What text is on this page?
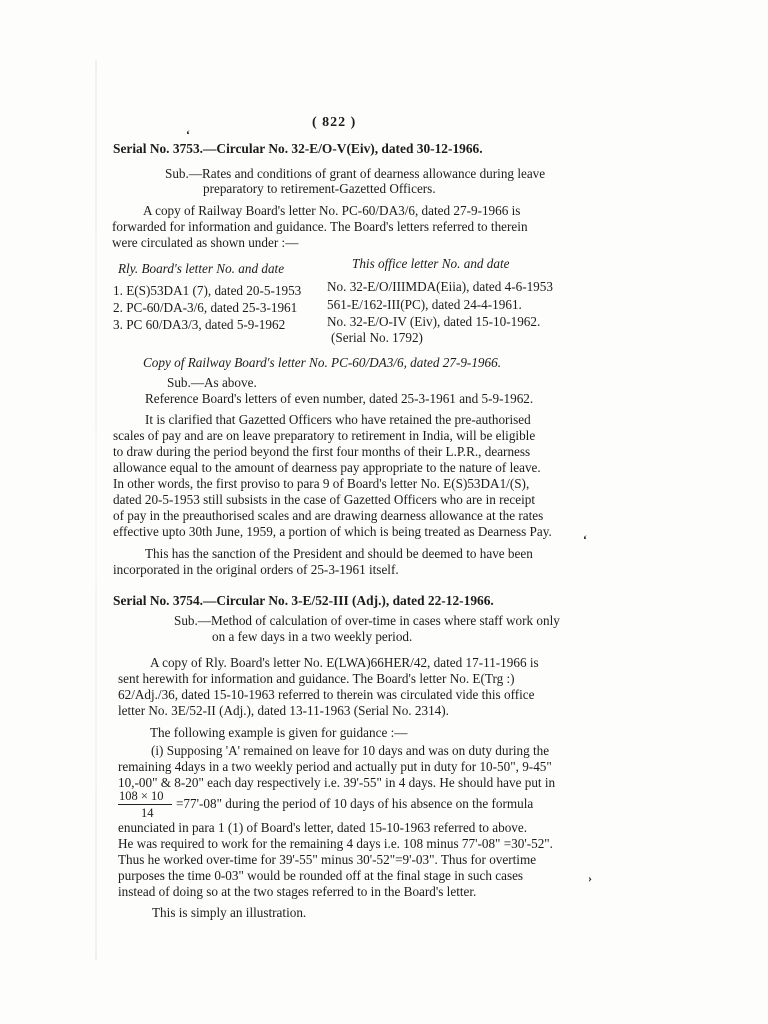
( 822 )
‘
Serial No. 3753.—Circular No. 32-E/O-V(Eiv), dated 30-12-1966.
Sub.—Rates and conditions of grant of dearness allowance during leave
preparatory to retirement-Gazetted Officers.
A copy of Railway Board's letter No. PC-60/DA3/6, dated 27-9-1966 is
forwarded for information and guidance. The Board's letters referred to therein
were circulated as shown under :—
Rly. Board's letter No. and date	This office letter No. and date
1. E(S)53DA1 (7), dated 20-5-1953 No. 32-E/O/IIIMDA(Eiia), dated 4-6-1953
2. PC-60/DA-3/6, dated 25-3-1961 561-E/162-III(PC), dated 24-4-1961.
3. PC 60/DA3/3, dated 5-9-1962	No. 32-E/O-IV (Eiv), dated 15-10-1962.
(Serial No. 1792)
Copy of Railway Board's letter No. PC-60/DA3/6, dated 27-9-1966.
Sub.—As above.
Reference Board's letters of even number, dated 25-3-1961 and 5-9-1962.
It is clarified that Gazetted Officers who have retained the pre-authorised
scales of pay and are on leave preparatory to retirement in India, will be eligible
to draw during the period beyond the first four months of their L.P.R., dearness
allowance equal to the amount of dearness pay appropriate to the nature of leave.
In other words, the first proviso to para 9 of Board's letter No. E(S)53DA1/(S),
dated 20-5-1953 still subsists in the case of Gazetted Officers who are in receipt
of pay in the preauthorised scales and are drawing dearness allowance at the rates
effective upto 30th June, 1959, a portion of which is being treated as Dearness Pay.
This has the sanction of the President and should be deemed to have been
incorporated in the original orders of 25-3-1961 itself.
‘
Serial No. 3754.—Circular No. 3-E/52-III (Adj.), dated 22-12-1966.
Sub.—Method of calculation of over-time in cases where staff work only
on a few days in a two weekly period.
A copy of Rly. Board's letter No. E(LWA)66HER/42, dated 17-11-1966 is
sent herewith for information and guidance. The Board's letter No. E(Trg :)
62/Adj./36, dated 15-10-1963 referred to therein was circulated vide this office
letter No. 3E/52-II (Adj.), dated 13-11-1963 (Serial No. 2314).
The following example is given for guidance :—
(i) Supposing 'A' remained on leave for 10 days and was on duty during the
remaining 4days in a two weekly period and actually put in duty for 10-50", 9-45"
10,-00" & 8-20" each day respectively i.e. 39'-55" in 4 days. He should have put in
108 × 10
14
=77'-08" during the period of 10 days of his absence on the formula
enunciated in para 1 (1) of Board's letter, dated 15-10-1963 referred to above.
He was required to work for the remaining 4 days i.e. 108 minus 77'-08" =30'-52".
Thus he worked over-time for 39'-55" minus 30'-52"=9'-03". Thus for overtime
purposes the time 0-03" would be rounded off at the final stage in such cases
instead of doing so at the two stages referred to in the Board's letter.
This is simply an illustration.
›
